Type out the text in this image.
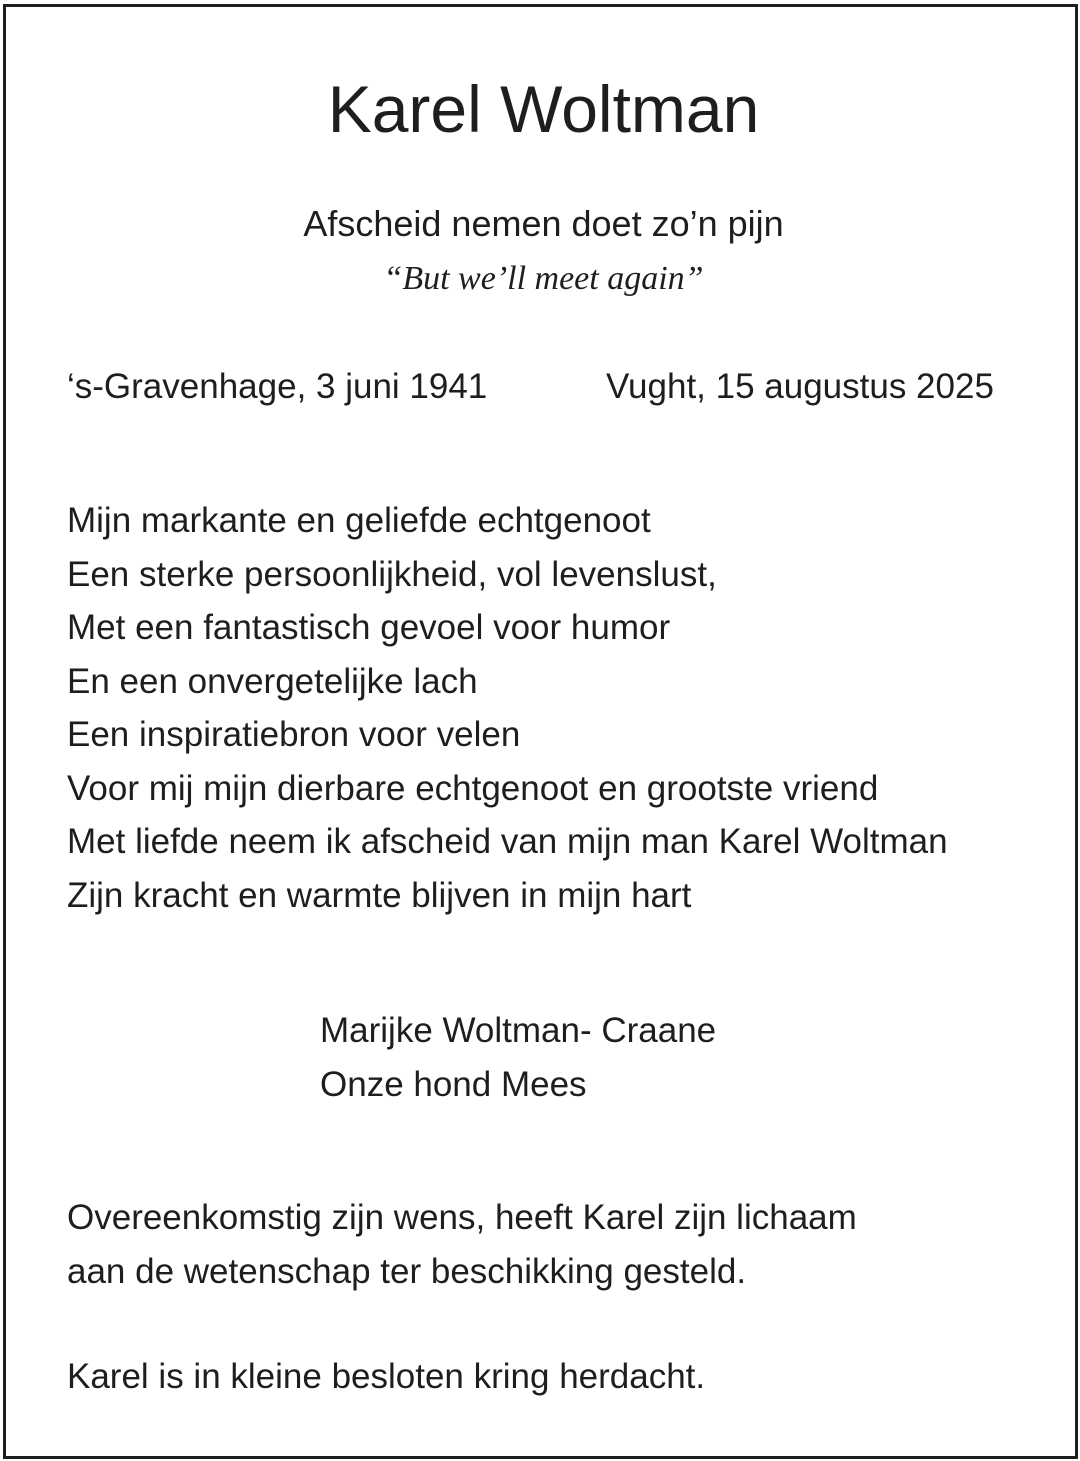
Karel Woltman
Afscheid nemen doet zo’n pijn
“But we’ll meet again”
‘s-Gravenhage, 3 juni 1941	Vught, 15 augustus 2025
Mijn markante en geliefde echtgenoot
Een sterke persoonlijkheid, vol levenslust,
Met een fantastisch gevoel voor humor
En een onvergetelijke lach
Een inspiratiebron voor velen
Voor mij mijn dierbare echtgenoot en grootste vriend
Met liefde neem ik afscheid van mijn man Karel Woltman
Zijn kracht en warmte blijven in mijn hart
Marijke Woltman- Craane
Onze hond Mees
Overeenkomstig zijn wens, heeft Karel zijn lichaam
aan de wetenschap ter beschikking gesteld.
Karel is in kleine besloten kring herdacht.
